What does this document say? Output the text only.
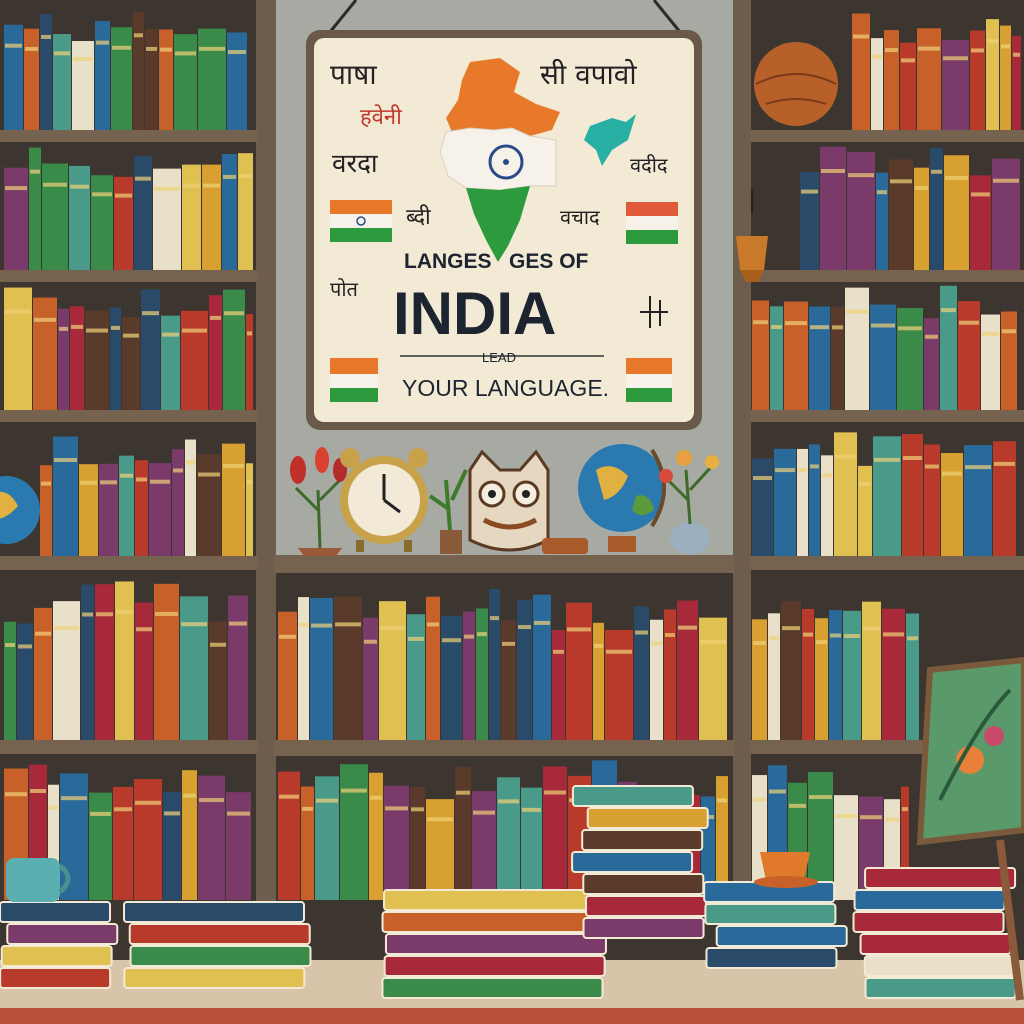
पाषा	सी वपावो
हवेनी
वरदा
ब्दी
वदीद
वचाद
पोत
LANGES   GES OF
INDIA
LEAD
YOUR LANGUAGE.
